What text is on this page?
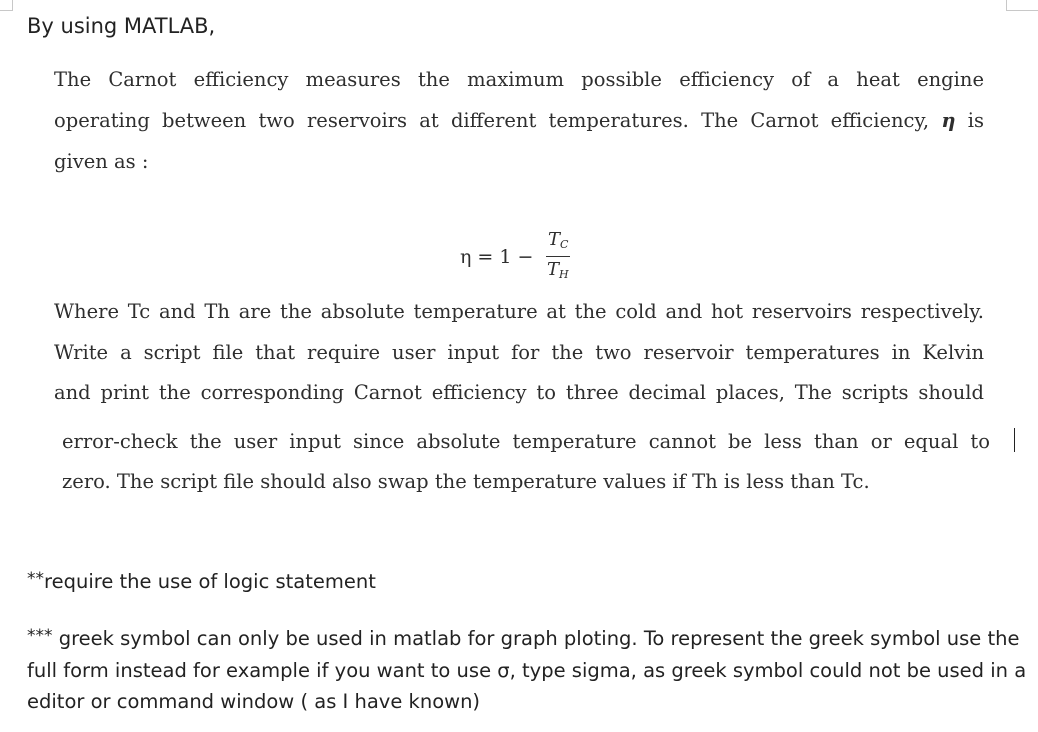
By using MATLAB,
The Carnot efficiency measures the maximum possible efficiency of a heat engine
operating between two reservoirs at different temperatures. The Carnot efficiency, η is
given as :
η = 1 −
$T_C$
$T_H$
Where Tc and Th are the absolute temperature at the cold and hot reservoirs respectively.
Write a script file that require user input for the two reservoir temperatures in Kelvin
and print the corresponding Carnot efficiency to three decimal places, The scripts should
error-check the user input since absolute temperature cannot be less than or equal to
zero. The script file should also swap the temperature values if Th is less than Tc.
**require the use of logic statement
*** greek symbol can only be used in matlab for graph ploting. To represent the greek symbol use the
full form instead for example if you want to use σ, type sigma, as greek symbol could not be used in a
editor or command window ( as I have known)
